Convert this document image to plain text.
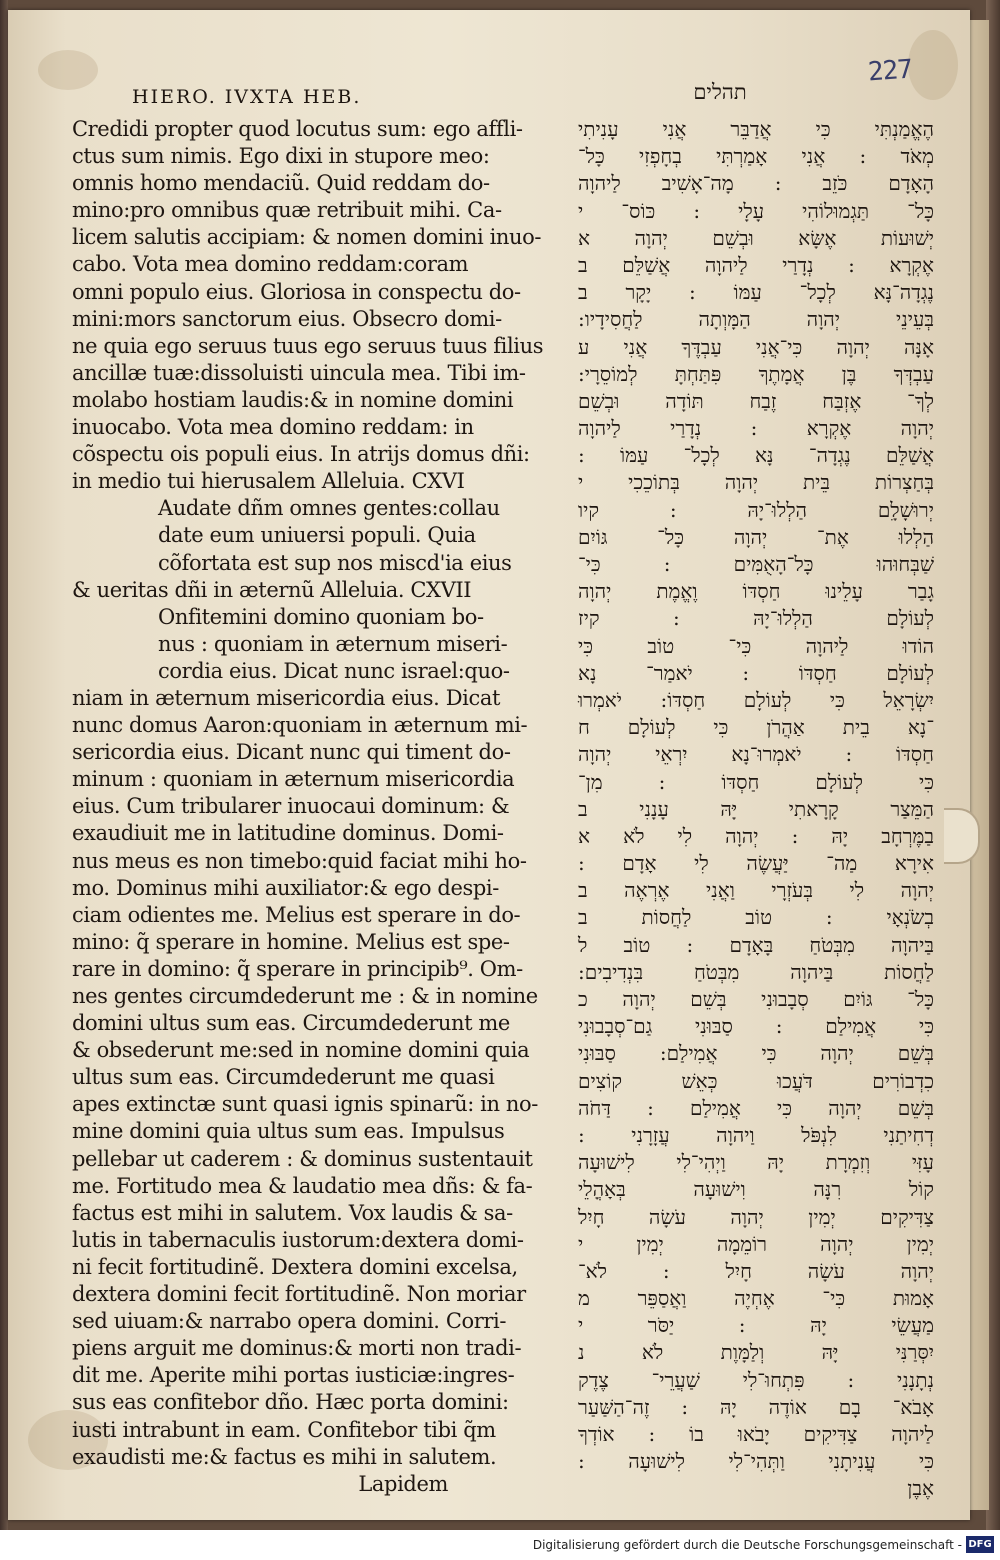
227
HIERO. IVXTA HEB.	תהלים
Credidi propter quod locutus sum: ego affli-
ctus sum nimis. Ego dixi in stupore meo:
omnis homo mendaciũ. Quid reddam do-
mino:pro omnibus quæ retribuit mihi. Ca-
licem salutis accipiam: & nomen domini inuo-
cabo. Vota mea domino reddam:coram
omni populo eius. Gloriosa in conspectu do-
mini:mors sanctorum eius. Obsecro domi-
ne quia ego seruus tuus ego seruus tuus filius
ancillæ tuæ:dissoluisti uincula mea. Tibi im-
molabo hostiam laudis:& in nomine domini
inuocabo. Vota mea domino reddam: in
cõspectu ois populi eius. In atrijs domus dñi:
in medio tui hierusalem Alleluia. CXVI
Audate dñm omnes gentes:collau
date eum uniuersi populi. Quia
cõfortata est sup nos miscd'ia eius
& ueritas dñi in æternũ Alleluia. CXVII
Onfitemini domino quoniam bo-
nus : quoniam in æternum miseri-
cordia eius. Dicat nunc israel:quo-
niam in æternum misericordia eius. Dicat
nunc domus Aaron:quoniam in æternum mi-
sericordia eius. Dicant nunc qui timent do-
minum : quoniam in æternum misericordia
eius. Cum tribularer inuocaui dominum: &
exaudiuit me in latitudine dominus. Domi-
nus meus es non timebo:quid faciat mihi ho-
mo. Dominus mihi auxiliator:& ego despi-
ciam odientes me. Melius est sperare in do-
mino: q̃ sperare in homine. Melius est spe-
rare in domino: q̃ sperare in principib⁹. Om-
nes gentes circumdederunt me : & in nomine
domini ultus sum eas. Circumdederunt me
& obsederunt me:sed in nomine domini quia
ultus sum eas. Circumdederunt me quasi
apes extinctæ sunt quasi ignis spinarũ: in no-
mine domini quia ultus sum eas. Impulsus
pellebar ut caderem : & dominus sustentauit
me. Fortitudo mea & laudatio mea dñs: & fa-
factus est mihi in salutem. Vox laudis & sa-
lutis in tabernaculis iustorum:dextera domi-
ni fecit fortitudinẽ. Dextera domini excelsa,
dextera domini fecit fortitudinẽ. Non moriar
sed uiuam:& narrabo opera domini. Corri-
piens arguit me dominus:& morti non tradi-
dit me. Aperite mihi portas iusticiæ:ingres-
sus eas confitebor dño. Hæc porta domini:
iusti intrabunt in eam. Confitebor tibi q̃m
exaudisti me:& factus es mihi in salutem.
Lapidem
הֶאֱמַנְתִּי כִּי אֲדַבֵּר אֲנִי עָנִיתִי
מְאֹד : אֲנִי אָמַרְתִּי בְחָפְזִי כָּל־
הָאָדָם כֹּזֵב : מָה־אָשִׁיב לַיהוָה
כָּל־ תַּגְמוּלוֹהִי עָלָי : כּוֹס־ י
יְשׁוּעוֹת אֶשָּׂא וּבְשֵׁם יְהוָה א
אֶקְרָא : נְדָרַי לַיהוָה אֲשַׁלֵּם ב
נֶגְדָה־נָּא לְכָל־ עַמּוֹ : יָקָר ב
בְּעֵינֵי יְהוָה הַמָּוְתָה לַחֲסִידָיו:
אָנָּה יְהוָה כִּי־אֲנִי עַבְדֶּךָ אֲנִי ע
עַבְדְּךָ בֶּן אֲמָתֶךָ פִּתַּחְתָּ לְמוֹסֵרָי:
לְךָ־ אֶזְבַּח זֶבַח תּוֹדָה וּבְשֵׁם
יְהוָה אֶקְרָא : נְדָרַי לַיהוָה
אֲשַׁלֵּם נֶגְדָה־ נָּא לְכָל־ עַמּוֹ :
בְּחַצְרוֹת בֵּית יְהוָה בְּתוֹכֵכִי י
יְרוּשָׁלִָם הַלְלוּ־יָהּ : קיו
הַלְלוּ אֶת־ יְהוָה כָּל־ גּוֹיִם
שַׁבְּחוּהוּ כָּל־הָאֻמִּים : כִּי־
גָבַר עָלֵינוּ חַסְדּוֹ וֶאֱמֶת יְהוָה
לְעוֹלָם הַלְלוּ־יָהּ : קיז
הוֹדוּ לַיהוָה כִּי־ טוֹב כִּי
לְעוֹלָם חַסְדּוֹ : יֹאמַר־ נָא
יִשְׂרָאֵל כִּי לְעוֹלָם חַסְדּוֹ: יֹאמְרוּ
־נָא בֵית אַהֲרֹן כִּי לְעוֹלָם ח
חַסְדּוֹ : יֹאמְרוּ־נָא יִרְאֵי יְהוָה
כִּי לְעוֹלָם חַסְדּוֹ : מִן־
הַמֵּצַר קָרָאתִי יָּהּ עָנָנִי ב
בַמֶּרְחָב יָהּ : יְהוָה לִי לֹא א
אִירָא מַה־ יַּעֲשֶׂה לִי אָדָם :
יְהוָה לִי בְּעֹזְרָי וַאֲנִי אֶרְאֶה ב
בְשֹׂנְאָי : טוֹב לַחֲסוֹת ב
בַּיהוָה מִבְּטֹחַ בָּאָדָם : טוֹב ל
לַחֲסוֹת בַּיהוָה מִבְּטֹחַ בִּנְדִיבִים:
כָּל־ גּוֹיִם סְבָבוּנִי בְּשֵׁם יְהוָה כ
כִּי אֲמִילַם : סַבּוּנִי גַם־סְבָבוּנִי
בְּשֵׁם יְהוָה כִּי אֲמִילַם: סַבּוּנִי
כִדְבוֹרִים דֹּעֲכוּ כְּאֵשׁ קוֹצִים
בְּשֵׁם יְהוָה כִּי אֲמִילַם : דַּחֹה
דְחִיתַנִי לִנְפֹּל וַיהוָה עֲזָרָנִי :
עָזִּי וְזִמְרָת יָהּ וַיְהִי־לִי לִישׁוּעָה
קוֹל רִנָּה וִישׁוּעָה בְּאָהֳלֵי
צַדִּיקִים יְמִין יְהוָה עֹשָׂה חָיִל
יְמִין יְהוָה רוֹמֵמָה יְמִין י
יְהוָה עֹשָׂה חָיִל : לֹא־
אָמוּת כִּי־ אֶחְיֶה וַאֲסַפֵּר מ
מַעֲשֵׂי יָהּ : יַסֹּר י
יִסְּרַנִּי יָּהּ וְלַמָּוֶת לֹא נ
נְתָנָנִי : פִּתְחוּ־לִי שַׁעֲרֵי־ צֶדֶק
אָבֹא־ בָם אוֹדֶה יָהּ : זֶה־הַשַּׁעַר
לַיהוָה צַדִּיקִים יָבֹאוּ בוֹ : אוֹדְךָ
כִּי עֲנִיתָנִי וַתְּהִי־לִי לִישׁוּעָה :
אֶבֶן
Digitalisierung gefördert durch die Deutsche Forschungsgemeinschaft - DFG
